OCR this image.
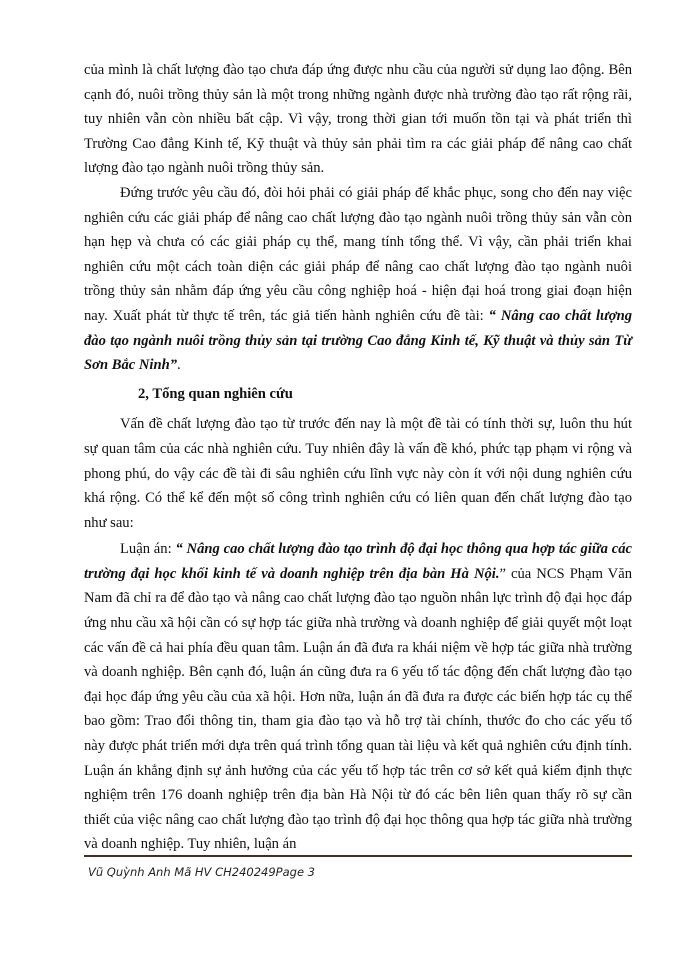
của mình là chất lượng đào tạo chưa đáp ứng được nhu cầu của người sử dụng lao động. Bên cạnh đó, nuôi trồng thủy sản là một trong những ngành được nhà trường đào tạo rất rộng rãi, tuy nhiên vẫn còn nhiều bất cập. Vì vậy, trong thời gian tới muốn tồn tại và phát triển thì Trường Cao đẳng Kinh tế, Kỹ thuật và thủy sản phải tìm ra các giải pháp để nâng cao chất lượng đào tạo ngành nuôi trồng thủy sản.

Đứng trước yêu cầu đó, đòi hỏi phải có giải pháp để khắc phục, song cho đến nay việc nghiên cứu các giải pháp để nâng cao chất lượng đào tạo ngành nuôi trồng thủy sản vẫn còn hạn hẹp và chưa có các giải pháp cụ thể, mang tính tổng thể. Vì vậy, cần phải triển khai nghiên cứu một cách toàn diện các giải pháp để nâng cao chất lượng đào tạo ngành nuôi trồng thủy sản nhằm đáp ứng yêu cầu công nghiệp hoá - hiện đại hoá trong giai đoạn hiện nay. Xuất phát từ thực tế trên, tác giả tiến hành nghiên cứu đề tài: “ Nâng cao chất lượng đào tạo ngành nuôi trồng thủy sản tại trường Cao đẳng Kinh tế, Kỹ thuật và thủy sản Từ Sơn Bắc Ninh”.

2, Tổng quan nghiên cứu

Vấn đề chất lượng đào tạo từ trước đến nay là một đề tài có tính thời sự, luôn thu hút sự quan tâm của các nhà nghiên cứu. Tuy nhiên đây là vấn đề khó, phức tạp phạm vi rộng và phong phú, do vậy các đề tài đi sâu nghiên cứu lĩnh vực này còn ít với nội dung nghiên cứu khá rộng. Có thể kể đến một số công trình nghiên cứu có liên quan đến chất lượng đào tạo như sau:

Luận án: “ Nâng cao chất lượng đào tạo trình độ đại học thông qua hợp tác giữa các trường đại học khối kinh tế và doanh nghiệp trên địa bàn Hà Nội.” của NCS Phạm Văn Nam đã chỉ ra để đào tạo và nâng cao chất lượng đào tạo nguồn nhân lực trình độ đại học đáp ứng nhu cầu xã hội cần có sự hợp tác giữa nhà trường và doanh nghiệp để giải quyết một loạt các vấn đề cả hai phía đều quan tâm. Luận án đã đưa ra khái niệm về hợp tác giữa nhà trường và doanh nghiệp. Bên cạnh đó, luận án cũng đưa ra 6 yếu tố tác động đến chất lượng đào tạo đại học đáp ứng yêu cầu của xã hội. Hơn nữa, luận án đã đưa ra được các biến hợp tác cụ thể bao gồm: Trao đổi thông tin, tham gia đào tạo và hỗ trợ tài chính, thước đo cho các yếu tố này được phát triển mới dựa trên quá trình tổng quan tài liệu và kết quả nghiên cứu định tính. Luận án khẳng định sự ảnh hưởng của các yếu tố hợp tác trên cơ sở kết quả kiểm định thực nghiệm trên 176 doanh nghiệp trên địa bàn Hà Nội từ đó các bên liên quan thấy rõ sự cần thiết của việc nâng cao chất lượng đào tạo trình độ đại học thông qua hợp tác giữa nhà trường và doanh nghiệp. Tuy nhiên, luận án

Vũ Quỳnh Anh Mã HV CH240249Page 3
